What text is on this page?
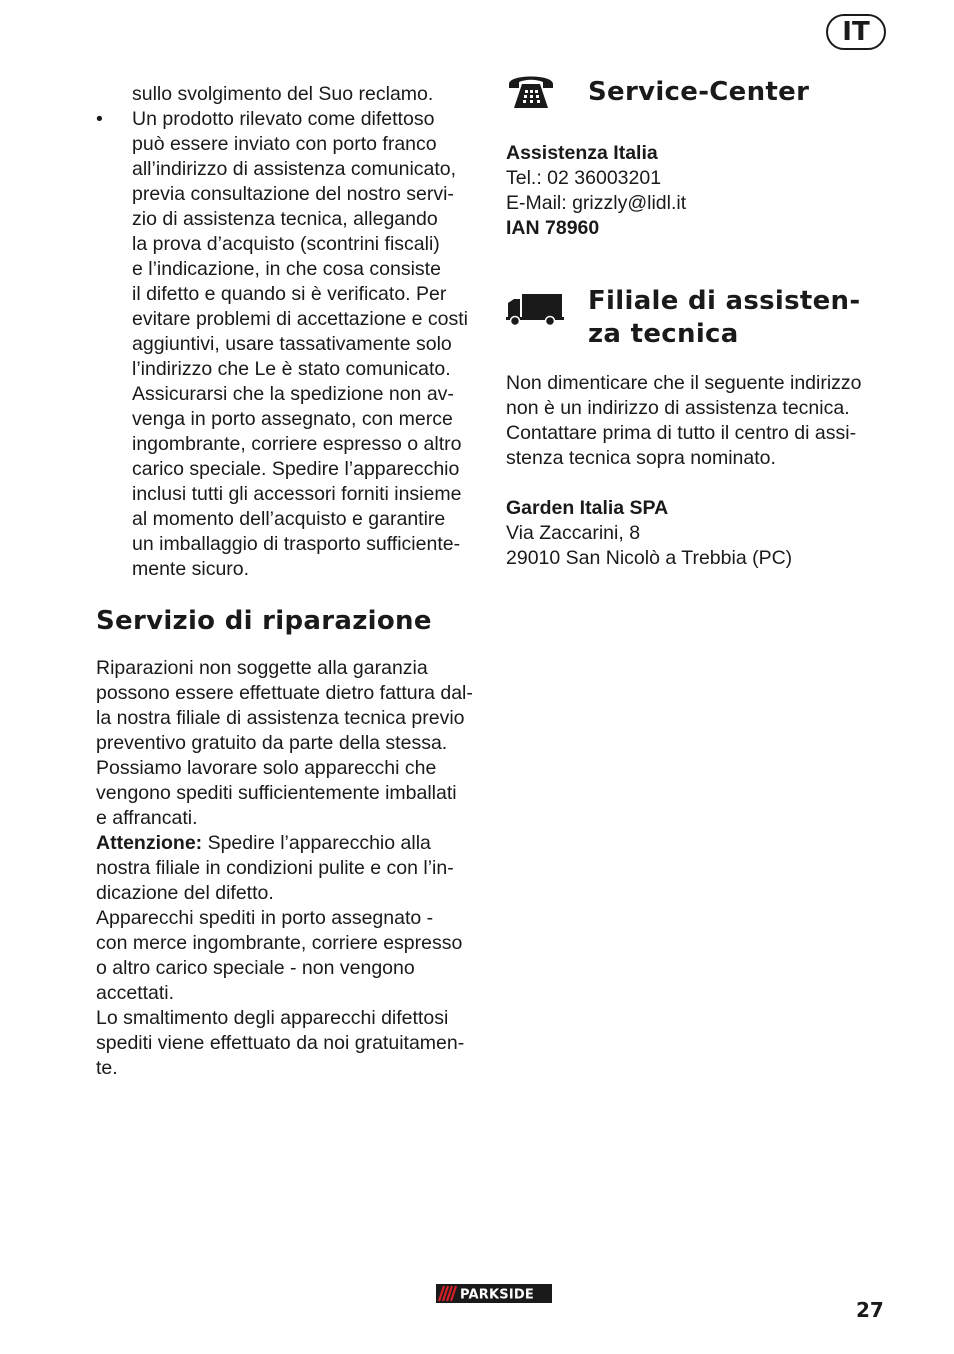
IT

sullo svolgimento del Suo reclamo.

• Un prodotto rilevato come difettoso

può essere inviato con porto franco

all’indirizzo di assistenza comunicato,

previa consultazione del nostro servi-

zio di assistenza tecnica, allegando

la prova d’acquisto (scontrini fiscali)

e l’indicazione, in che cosa consiste

il difetto e quando si è verificato. Per

evitare problemi di accettazione e costi

aggiuntivi, usare tassativamente solo

l’indirizzo che Le è stato comunicato.

Assicurarsi che la spedizione non av-

venga in porto assegnato, con merce

ingombrante, corriere espresso o altro

carico speciale. Spedire l’apparecchio

inclusi tutti gli accessori forniti insieme

al momento dell’acquisto e garantire

un imballaggio di trasporto sufficiente-

mente sicuro.

Servizio di riparazione

Riparazioni non soggette alla garanzia

possono essere effettuate dietro fattura dal-

la nostra filiale di assistenza tecnica previo

preventivo gratuito da parte della stessa.

Possiamo lavorare solo apparecchi che

vengono spediti sufficientemente imballati

e affrancati.

Attenzione: Spedire l’apparecchio alla

nostra filiale in condizioni pulite e con l’in-

dicazione del difetto.

Apparecchi spediti in porto assegnato -

con merce ingombrante, corriere espresso

o altro carico speciale - non vengono

accettati.

Lo smaltimento degli apparecchi difettosi

spediti viene effettuato da noi gratuitamen-

te.

Service-Center

Assistenza Italia

Tel.: 02 36003201

E-Mail: grizzly@lidl.it

IAN 78960

Filiale di assisten-
za tecnica

Non dimenticare che il seguente indirizzo

non è un indirizzo di assistenza tecnica.

Contattare prima di tutto il centro di assi-

stenza tecnica sopra nominato.

Garden Italia SPA

Via Zaccarini, 8

29010 San Nicolò a Trebbia (PC)

PARKSIDE
27
